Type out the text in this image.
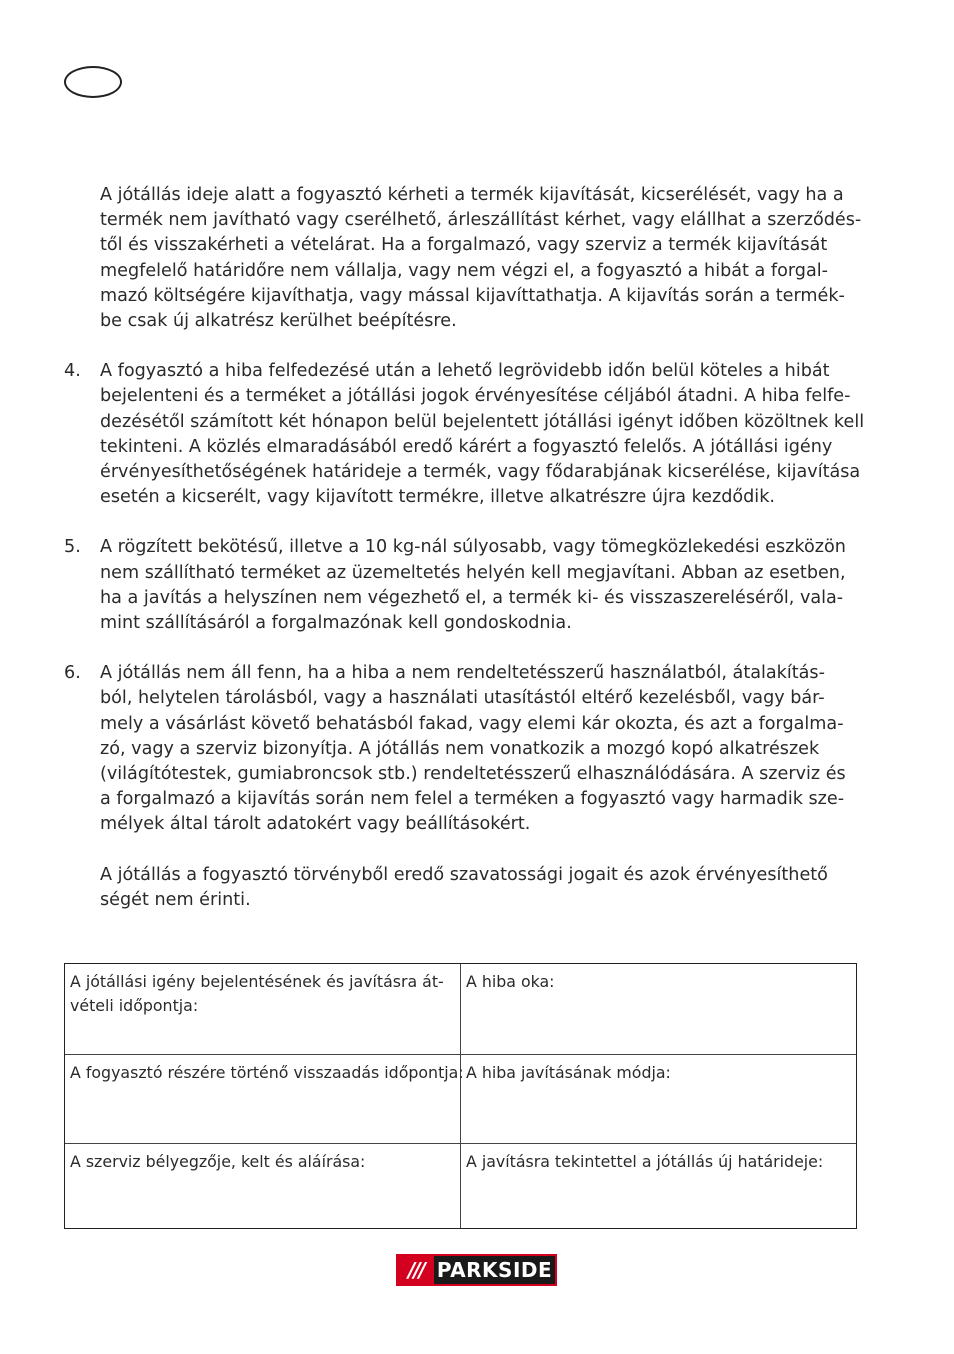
A jótállás ideje alatt a fogyasztó kérheti a termék kijavítását, kicserélését, vagy ha a
termék nem javítható vagy cserélhető, árleszállítást kérhet, vagy elállhat a szerződés-
től és visszakérheti a vételárat. Ha a forgalmazó, vagy szerviz a termék kijavítását
megfelelő határidőre nem vállalja, vagy nem végzi el, a fogyasztó a hibát a forgal-
mazó költségére kijavíthatja, vagy mással kijavíttathatja. A kijavítás során a termék-
be csak új alkatrész kerülhet beépítésre.
4. A fogyasztó a hiba felfedezésé után a lehető legrövidebb időn belül köteles a hibát
bejelenteni és a terméket a jótállási jogok érvényesítése céljából átadni. A hiba felfe-
dezésétől számított két hónapon belül bejelentett jótállási igényt időben közöltnek kell
tekinteni. A közlés elmaradásából eredő kárért a fogyasztó felelős. A jótállási igény
érvényesíthetőségének határideje a termék, vagy fődarabjának kicserélése, kijavítása
esetén a kicserélt, vagy kijavított termékre, illetve alkatrészre újra kezdődik.
5. A rögzített bekötésű, illetve a 10 kg-nál súlyosabb, vagy tömegközlekedési eszközön
nem szállítható terméket az üzemeltetés helyén kell megjavítani. Abban az esetben,
ha a javítás a helyszínen nem végezhető el, a termék ki- és visszaszereléséről, vala-
mint szállításáról a forgalmazónak kell gondoskodnia.
6. A jótállás nem áll fenn, ha a hiba a nem rendeltetésszerű használatból, átalakítás-
ból, helytelen tárolásból, vagy a használati utasítástól eltérő kezelésből, vagy bár-
mely a vásárlást követő behatásból fakad, vagy elemi kár okozta, és azt a forgalma-
zó, vagy a szerviz bizonyítja. A jótállás nem vonatkozik a mozgó kopó alkatrészek
(világítótestek, gumiabroncsok stb.) rendeltetésszerű elhasználódására. A szerviz és
a forgalmazó a kijavítás során nem felel a terméken a fogyasztó vagy harmadik sze-
mélyek által tárolt adatokért vagy beállításokért.
A jótállás a fogyasztó törvényből eredő szavatossági jogait és azok érvényesíthető
ségét nem érinti.
A jótállási igény bejelentésének és javításra át-
vételi időpontja:
A hiba oka:
A fogyasztó részére történő visszaadás időpontja: A hiba javításának módja:
A szerviz bélyegzője, kelt és aláírása:	A javításra tekintettel a jótállás új határideje:
/// PARKSIDE
